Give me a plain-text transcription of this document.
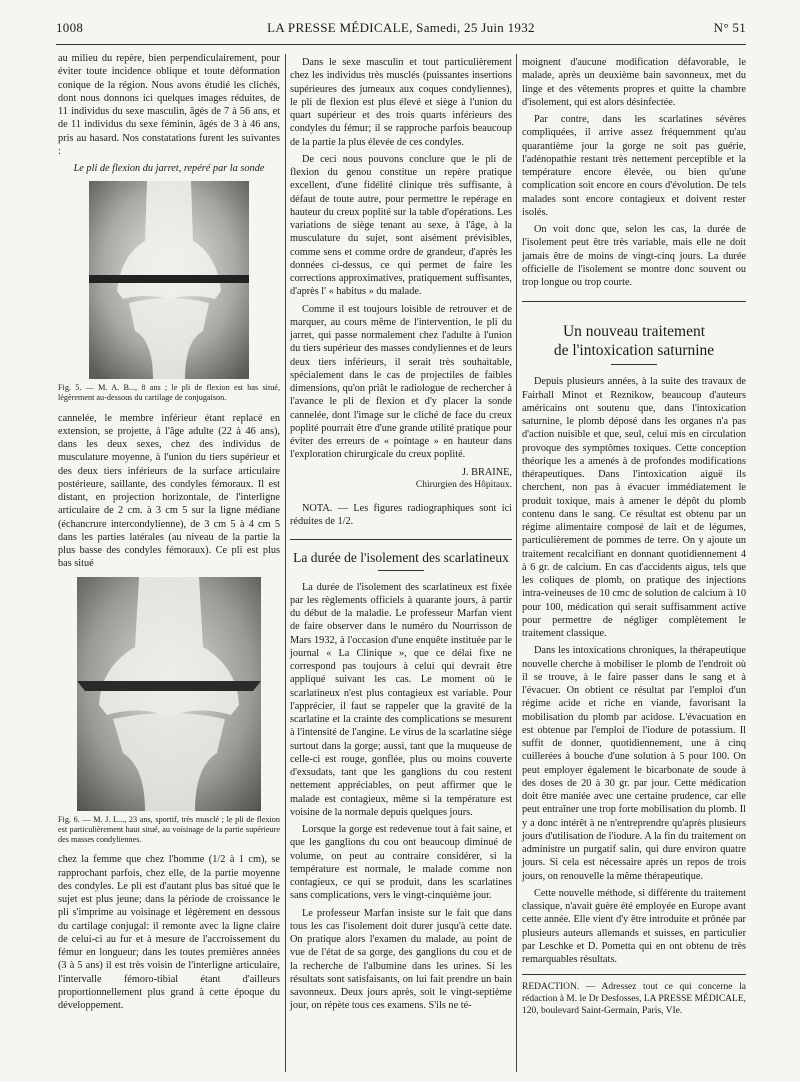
1008	LA PRESSE MÉDICALE, Samedi, 25 Juin 1932	N° 51

au milieu du repère, bien perpendiculairement, pour éviter toute incidence oblique et toute déformation conique de la région. Nous avons étudié les clichés, dont nous donnons ici quelques images réduites, de 11 individus du sexe masculin, âgés de 7 à 56 ans, et de 11 individus du sexe féminin, âgés de 3 à 46 ans, pris au hasard. Nos constatations furent les suivantes :

Le pli de flexion du jarret, repéré par la sonde

Fig. 5. — M. A. B..., 8 ans ; le pli de flexion est bas situé, légèrement au-dessous du cartilage de conjugaison.

cannelée, le membre inférieur étant replacé en extension, se projette, à l'âge adulte (22 à 46 ans), dans les deux sexes, chez des individus de musculature moyenne, à l'union du tiers supérieur et des deux tiers inférieurs de la surface articulaire postérieure, saillante, des condyles fémoraux. Il est distant, en projection horizontale, de l'interligne articulaire de 2 cm. à 3 cm 5 sur la ligne médiane (échancrure intercondylienne), de 3 cm 5 à 4 cm 5 dans les parties latérales (au niveau de la partie la plus basse des condyles fémoraux). Ce pli est plus bas situé

Fig. 6. — M. J. L..., 23 ans, sportif, très musclé ; le pli de flexion est particulièrement haut situé, au voisinage de la partie supérieure des masses condyliennes.

chez la femme que chez l'homme (1/2 à 1 cm), se rapprochant parfois, chez elle, de la partie moyenne des condyles. Le pli est d'autant plus bas situé que le sujet est plus jeune; dans la période de croissance le pli s'imprime au voisinage et légèrement en dessous du cartilage conjugal: il remonte avec la ligne claire de celui-ci au fur et à mesure de l'accroissement du fémur en longueur; dans les toutes premières années (3 à 5 ans) il est très voisin de l'interligne articulaire, l'intervalle fémoro-tibial étant d'ailleurs proportionnellement plus grand à cette époque du développement.

Dans le sexe masculin et tout particulièrement chez les individus très musclés (puissantes insertions supérieures des jumeaux aux coques condyliennes), le pli de flexion est plus élevé et siège à l'union du quart supérieur et des trois quarts inférieurs des condyles du fémur; il se rapproche parfois beaucoup de la partie la plus élevée de ces condyles.

De ceci nous pouvons conclure que le pli de flexion du genou constitue un repère pratique excellent, d'une fidélité clinique très suffisante, à défaut de toute autre, pour permettre le repérage en hauteur du creux poplité sur la table d'opérations. Les variations de siège tenant au sexe, à l'âge, à la musculature du sujet, sont aisément prévisibles, comme sens et comme ordre de grandeur, d'après les données ci-dessus, ce qui permet de faire les corrections approximatives, pratiquement suffisantes, d'après l' « habitus » du malade.

Comme il est toujours loisible de retrouver et de marquer, au cours même de l'intervention, le pli du jarret, qui passe normalement chez l'adulte à l'union du tiers supérieur des masses condyliennes et de leurs deux tiers inférieurs, il serait très souhaitable, spécialement dans le cas de projectiles de faibles dimensions, qu'on priât le radiologue de rechercher à l'avance le pli de flexion et d'y placer la sonde cannelée, dont l'image sur le cliché de face du creux poplité pourrait être d'une grande utilité pratique pour éviter des erreurs de « pointage » en hauteur dans l'exploration chirurgicale du creux poplité.

J. BRAINE,

Chirurgien des Hôpitaux.

NOTA. — Les figures radiographiques sont ici réduites de 1/2.

La durée de l'isolement des scarlatineux

La durée de l'isolement des scarlatineux est fixée par les règlements officiels à quarante jours, à partir du début de la maladie. Le professeur Marfan vient de faire observer dans le numéro du Nourrisson de Mars 1932, à l'occasion d'une enquête instituée par le journal « La Clinique », que ce délai fixe ne correspond pas toujours à celui qui devrait être appliqué suivant les cas. Le moment où le scarlatineux n'est plus contagieux est variable. Pour l'apprécier, il faut se rappeler que la gravité de la scarlatine et la crainte des complications se mesurent à l'intensité de l'angine. Le virus de la scarlatine siège surtout dans la gorge; aussi, tant que la muqueuse de celle-ci est rouge, gonflée, plus ou moins couverte d'exsudats, tant que les ganglions du cou restent nettement appréciables, on peut affirmer que le malade est contagieux, même si la température est voisine de la normale depuis quelques jours.

Lorsque la gorge est redevenue tout à fait saine, et que les ganglions du cou ont beaucoup diminué de volume, on peut au contraire considérer, si la température est normale, le malade comme non contagieux, ce qui se produit, dans les scarlatines sans complications, vers le vingt-cinquième jour.

Le professeur Marfan insiste sur le fait que dans tous les cas l'isolement doit durer jusqu'à cette date. On pratique alors l'examen du malade, au point de vue de l'état de sa gorge, des ganglions du cou et de la recherche de l'albumine dans les urines. Si les résultats sont satisfaisants, on lui fait prendre un bain savonneux. Deux jours après, soit le vingt-septième jour, on répète tous ces examens. S'ils ne té-

moignent d'aucune modification défavorable, le malade, après un deuxième bain savonneux, met du linge et des vêtements propres et quitte la chambre d'isolement, qui est alors désinfectée.

Par contre, dans les scarlatines sévères compliquées, il arrive assez fréquemment qu'au quarantième jour la gorge ne soit pas guérie, l'adénopathie restant très nettement perceptible et la température encore élevée, ou bien qu'une complication soit encore en cours d'évolution. De tels malades sont encore contagieux et doivent rester isolés.

On voit donc que, selon les cas, la durée de l'isolement peut être très variable, mais elle ne doit jamais être de moins de vingt-cinq jours. La durée officielle de l'isolement se montre donc souvent ou trop longue ou trop courte.

Un nouveau traitement
de l'intoxication saturnine

Depuis plusieurs années, à la suite des travaux de Fairhall Minot et Reznikow, beaucoup d'auteurs américains ont soutenu que, dans l'intoxication saturnine, le plomb déposé dans les organes n'a pas d'action nuisible et que, seul, celui mis en circulation provoque des symptômes toxiques. Cette conception théorique les a amenés à de profondes modifications thérapeutiques. Dans l'intoxication aiguë ils cherchent, non pas à évacuer immédiatement le produit toxique, mais à amener le dépôt du plomb contenu dans le sang. Ce résultat est obtenu par un régime alimentaire composé de lait et de légumes, particulièrement de pommes de terre. On y ajoute un traitement recalcifiant en donnant quotidiennement 4 à 6 gr. de calcium. En cas d'accidents aigus, tels que les coliques de plomb, on pratique des injections intra-veineuses de 10 cmc de solution de calcium à 10 pour 100, médication qui serait suffisamment active pour permettre de négliger complètement le traitement classique.

Dans les intoxications chroniques, la thérapeutique nouvelle cherche à mobiliser le plomb de l'endroit où il se trouve, à le faire passer dans le sang et à l'évacuer. On obtient ce résultat par l'emploi d'un régime acide et riche en viande, favorisant la mobilisation du plomb par acidose. L'évacuation en est obtenue par l'emploi de l'iodure de potassium. Il suffit de donner, quotidiennement, une à cinq cuillerées à bouche d'une solution à 5 pour 100. On peut employer également le bicarbonate de soude à des doses de 20 à 30 gr. par jour. Cette médication doit être maniée avec une certaine prudence, car elle peut entraîner une trop forte mobilisation du plomb. Il y a donc intérêt à ne n'entreprendre qu'après plusieurs jours d'utilisation de l'iodure. A la fin du traitement on administre un purgatif salin, qui dure environ quatre jours. Si cela est nécessaire après un repos de trois jours, on renouvelle la même thérapeutique.

Cette nouvelle méthode, si différente du traitement classique, n'avait guère été employée en Europe avant cette année. Elle vient d'y être introduite et prônée par plusieurs auteurs allemands et suisses, en particulier par Leschke et D. Pometta qui en ont obtenu de très remarquables résultats.

REDACTION. — Adressez tout ce qui concerne la rédaction à M. le Dr Desfosses, LA PRESSE MÉDICALE, 120, boulevard Saint-Germain, Paris, VIe.
